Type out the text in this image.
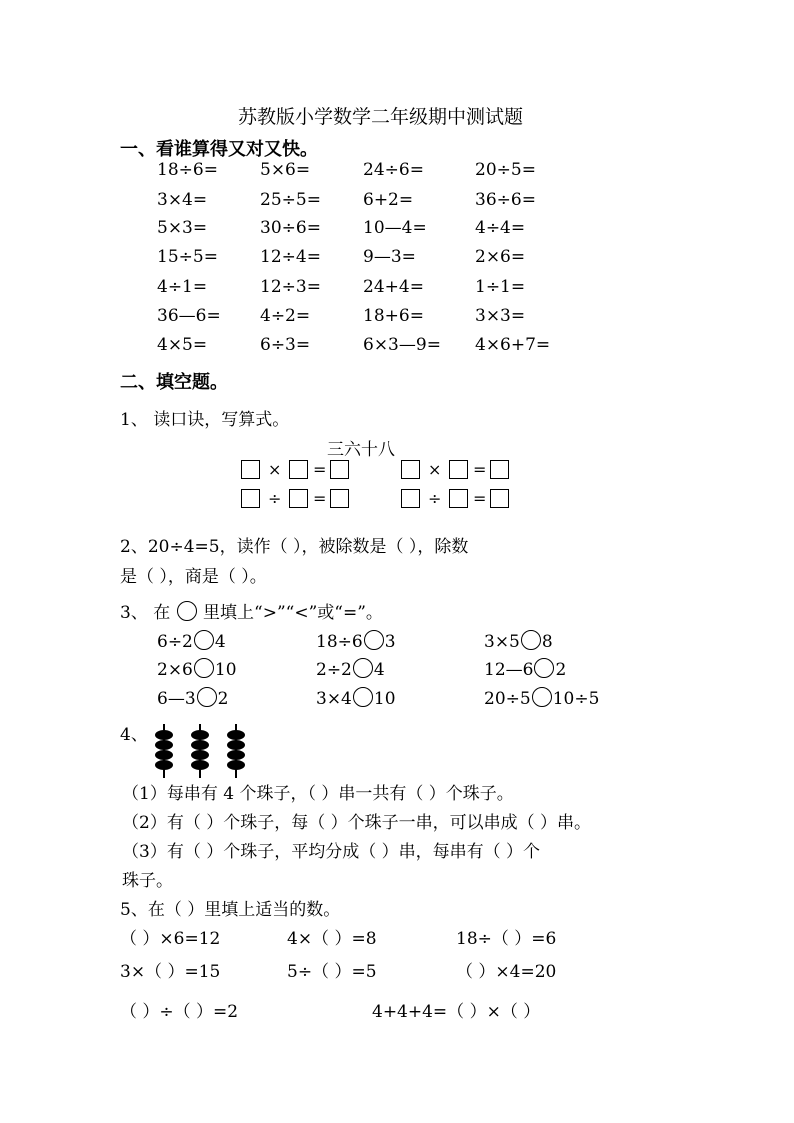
苏教版小学数学二年级期中测试题
一、看谁算得又对又快。
18÷6= 5×6=	24÷6=	20÷5=
3×4=	25÷5= 6+2=	36÷6=
5×3=	30÷6= 10—4=	4÷4=
15÷5= 12÷4= 9—3=	2×6=
4÷1=	12÷3= 24+4=	1÷1=
36—6= 4÷2=	18+6=	3×3=
4×5=	6÷3=	6×3—9= 4×6+7=
二、填空题。
1、 读口诀，写算式。
三六十八
× =	× =
÷ =	÷ =
2、20÷4=5，读作（ ），被除数是（ ），除数
是（ ），商是（ ）。
3、 在 里填上“>”“<”或“=”。
6÷2 4	18÷6 3	3×5 8
2×6 10	2÷2 4	12—6 2
6—3 2	3×4 10	20÷5 10÷5
4、
（1）每串有 4 个珠子，（ ）串一共有（ ）个珠子。
（2）有（ ）个珠子，每（ ）个珠子一串，可以串成（ ）串。
（3）有（ ）个珠子，平均分成（ ）串，每串有（ ）个
珠子。
5、在（ ）里填上适当的数。
（ ）×6=12	4×（ ）=8	18÷（ ）=6
3×（ ）=15	5÷（ ）=5	（ ）×4=20
（ ）÷（ ）=2	4+4+4=（ ）×（ ）
